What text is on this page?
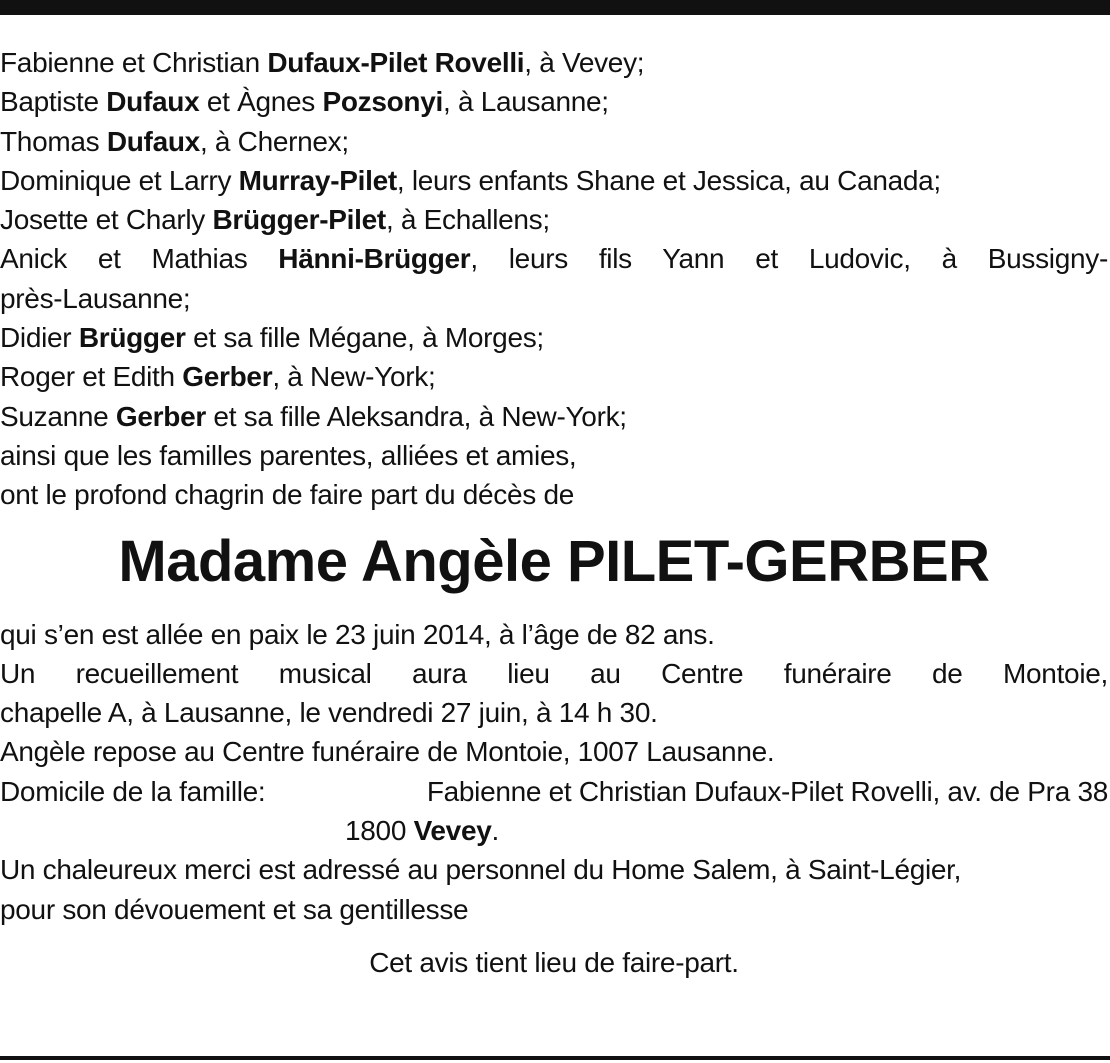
Fabienne et Christian Dufaux-Pilet Rovelli, à Vevey;
Baptiste Dufaux et Àgnes Pozsonyi, à Lausanne;
Thomas Dufaux, à Chernex;
Dominique et Larry Murray-Pilet, leurs enfants Shane et Jessica, au Canada;
Josette et Charly Brügger-Pilet, à Echallens;
Anick et Mathias Hänni-Brügger, leurs fils Yann et Ludovic, à Bussigny-
près-Lausanne;
Didier Brügger et sa fille Mégane, à Morges;
Roger et Edith Gerber, à New-York;
Suzanne Gerber et sa fille Aleksandra, à New-York;
ainsi que les familles parentes, alliées et amies,
ont le profond chagrin de faire part du décès de
Madame Angèle PILET-GERBER
qui s’en est allée en paix le 23 juin 2014, à l’âge de 82 ans.
Un recueillement musical aura lieu au Centre funéraire de Montoie,
chapelle A, à Lausanne, le vendredi 27 juin, à 14 h 30.
Angèle repose au Centre funéraire de Montoie, 1007 Lausanne.
Domicile de la famille:	Fabienne et Christian Dufaux-Pilet Rovelli, av. de Pra 38
1800 Vevey.
Un chaleureux merci est adressé au personnel du Home Salem, à Saint-Légier,
pour son dévouement et sa gentillesse
Cet avis tient lieu de faire-part.
